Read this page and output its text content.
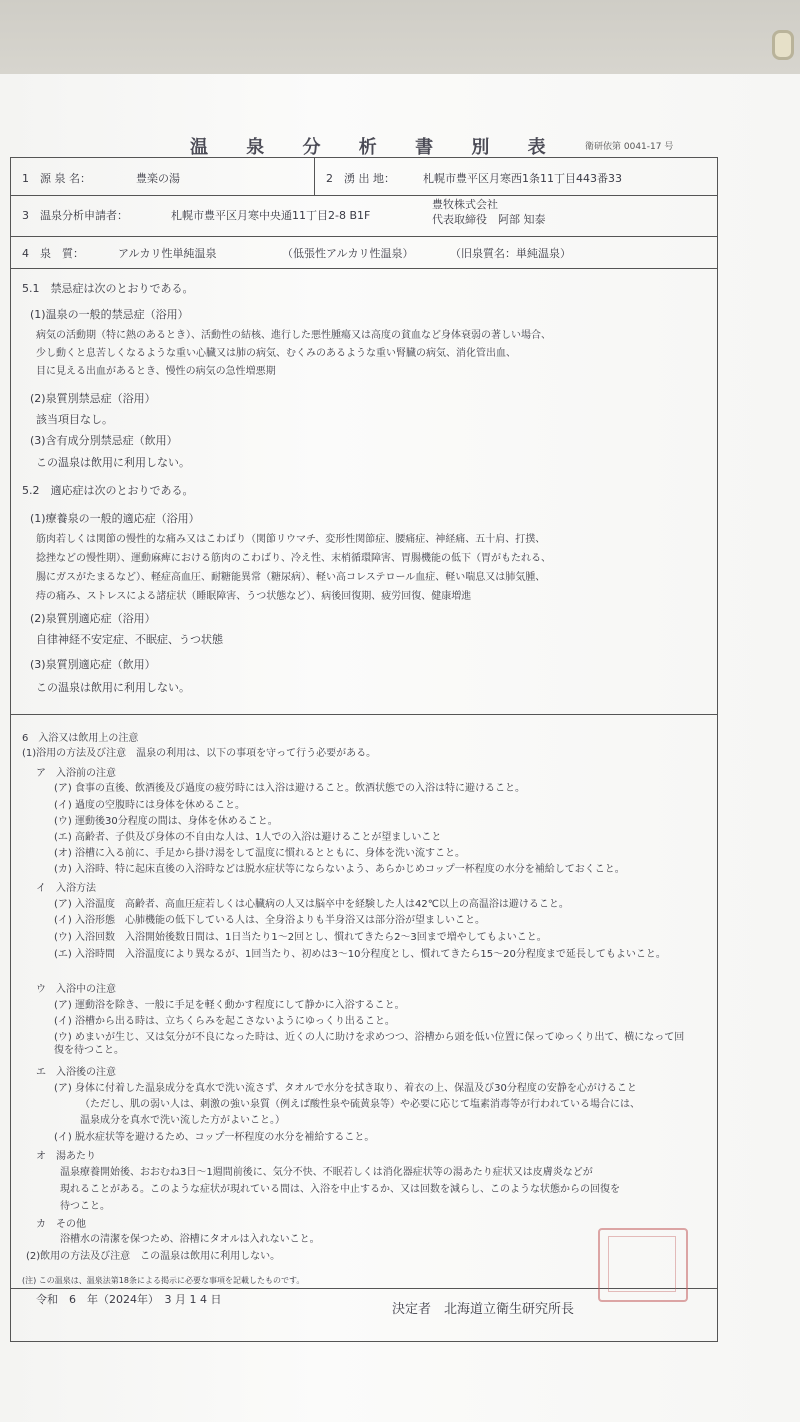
温 泉 分 析 書 別 表	衛研依第 0041-17 号
1　源 泉 名：	豊楽の湯	2　湧 出 地：	札幌市豊平区月寒西1条11丁目443番33
3　温泉分析申請者：	札幌市豊平区月寒中央通11丁目2-8 B1F
豊牧株式会社
代表取締役　阿部 知泰
4　泉　質：	アルカリ性単純温泉	（低張性アルカリ性温泉）	（旧泉質名：単純温泉）
5.1　禁忌症は次のとおりである。
(1)温泉の一般的禁忌症（浴用）
病気の活動期（特に熱のあるとき）、活動性の結核、進行した悪性腫瘍又は高度の貧血など身体衰弱の著しい場合、
少し動くと息苦しくなるような重い心臓又は肺の病気、むくみのあるような重い腎臓の病気、消化管出血、
目に見える出血があるとき、慢性の病気の急性増悪期
(2)泉質別禁忌症（浴用）
該当項目なし。
(3)含有成分別禁忌症（飲用）
この温泉は飲用に利用しない。
5.2　適応症は次のとおりである。
(1)療養泉の一般的適応症（浴用）
筋肉若しくは関節の慢性的な痛み又はこわばり（関節リウマチ、変形性関節症、腰痛症、神経痛、五十肩、打撲、
捻挫などの慢性期）、運動麻痺における筋肉のこわばり、冷え性、末梢循環障害、胃腸機能の低下（胃がもたれる、
腸にガスがたまるなど）、軽症高血圧、耐糖能異常（糖尿病）、軽い高コレステロール血症、軽い喘息又は肺気腫、
痔の痛み、ストレスによる諸症状（睡眠障害、うつ状態など）、病後回復期、疲労回復、健康増進
(2)泉質別適応症（浴用）
自律神経不安定症、不眠症、うつ状態
(3)泉質別適応症（飲用）
この温泉は飲用に利用しない。
6　入浴又は飲用上の注意
(1)浴用の方法及び注意　温泉の利用は、以下の事項を守って行う必要がある。
ア　入浴前の注意
(ア) 食事の直後、飲酒後及び過度の疲労時には入浴は避けること。飲酒状態での入浴は特に避けること。
(イ) 過度の空腹時には身体を休めること。
(ウ) 運動後30分程度の間は、身体を休めること。
(エ) 高齢者、子供及び身体の不自由な人は、1人での入浴は避けることが望ましいこと
(オ) 浴槽に入る前に、手足から掛け湯をして温度に慣れるとともに、身体を洗い流すこと。
(カ) 入浴時、特に起床直後の入浴時などは脱水症状等にならないよう、あらかじめコップ一杯程度の水分を補給しておくこと。
イ　入浴方法
(ア) 入浴温度　高齢者、高血圧症若しくは心臓病の人又は脳卒中を経験した人は42℃以上の高温浴は避けること。
(イ) 入浴形態　心肺機能の低下している人は、全身浴よりも半身浴又は部分浴が望ましいこと。
(ウ) 入浴回数　入浴開始後数日間は、1日当たり1～2回とし、慣れてきたら2～3回まで増やしてもよいこと。
(エ) 入浴時間　入浴温度により異なるが、1回当たり、初めは3～10分程度とし、慣れてきたら15～20分程度まで延長してもよいこと。
ウ　入浴中の注意
(ア) 運動浴を除き、一般に手足を軽く動かす程度にして静かに入浴すること。
(イ) 浴槽から出る時は、立ちくらみを起こさないようにゆっくり出ること。
(ウ) めまいが生じ、又は気分が不良になった時は、近くの人に助けを求めつつ、浴槽から頭を低い位置に保ってゆっくり出て、横になって回復を待つこと。
エ　入浴後の注意
(ア) 身体に付着した温泉成分を真水で洗い流さず、タオルで水分を拭き取り、着衣の上、保温及び30分程度の安静を心がけること
（ただし、肌の弱い人は、刺激の強い泉質（例えば酸性泉や硫黄泉等）や必要に応じて塩素消毒等が行われている場合には、
温泉成分を真水で洗い流した方がよいこと。）
(イ) 脱水症状等を避けるため、コップ一杯程度の水分を補給すること。
オ　湯あたり
温泉療養開始後、おおむね3日～1週間前後に、気分不快、不眠若しくは消化器症状等の湯あたり症状又は皮膚炎などが
現れることがある。このような症状が現れている間は、入浴を中止するか、又は回数を減らし、このような状態からの回復を
待つこと。
カ　その他
浴槽水の清潔を保つため、浴槽にタオルは入れないこと。
(2)飲用の方法及び注意　この温泉は飲用に利用しない。
(注) この温泉は、温泉法第18条による掲示に必要な事項を記載したものです。
令和　6　年（2024年）　3 月 1 4 日
決定者　北海道立衛生研究所長
